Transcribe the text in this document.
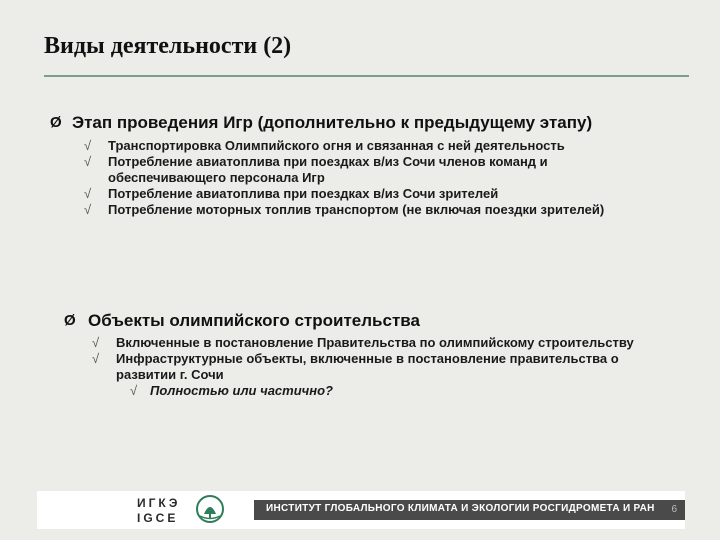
Виды деятельности (2)
Ø Этап проведения Игр (дополнительно к предыдущему этапу)
√ Транспортировка Олимпийского огня и связанная с ней деятельность
√ Потребление авиатоплива при поездках в/из Сочи членов команд и обеспечивающего персонала Игр
√ Потребление авиатоплива при поездках в/из Сочи зрителей
√ Потребление моторных топлив транспортом (не включая поездки зрителей)
Ø Объекты олимпийского строительства
√ Включенные в постановление Правительства по олимпийскому строительству
√ Инфраструктурные объекты, включенные в постановление правительства о развитии г. Сочи
√ Полностью или частично?
ИГКЭ
IGCE
ИНСТИТУТ ГЛОБАЛЬНОГО КЛИМАТА И ЭКОЛОГИИ РОСГИДРОМЕТА И РАН 6
